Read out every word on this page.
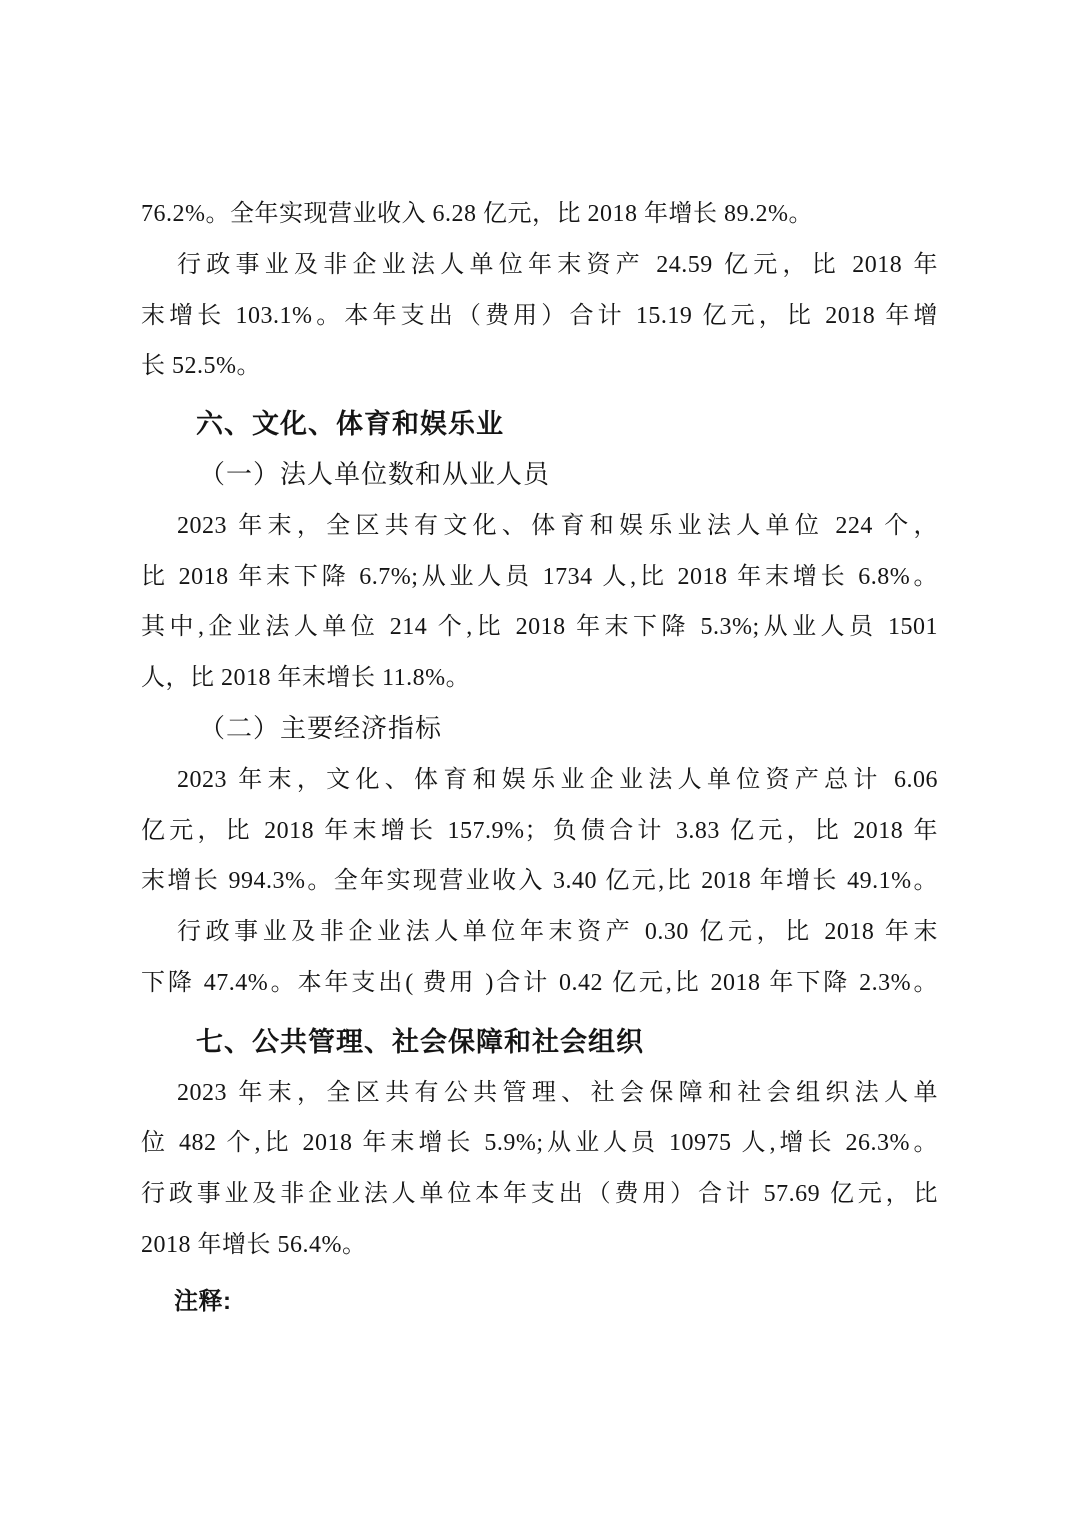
76.2%。全年实现营业收入 6.28 亿元，比 2018 年增长 89.2%。
行政事业及非企业法人单位年末资产 24.59 亿元，比 2018 年
末增长 103.1%。本年支出（费用）合计 15.19 亿元，比 2018 年增
长 52.5%。
六、文化、体育和娱乐业
（一）法人单位数和从业人员
2023 年末，全区共有文化、体育和娱乐业法人单位 224 个，
比 2018 年末下降 6.7%;从业人员 1734 人,比 2018 年末增长 6.8%。
其中,企业法人单位 214 个,比 2018 年末下降 5.3%;从业人员 1501
人，比 2018 年末增长 11.8%。
（二）主要经济指标
2023 年末，文化、体育和娱乐业企业法人单位资产总计 6.06
亿元，比 2018 年末增长 157.9%；负债合计 3.83 亿元，比 2018 年
末增长 994.3%。全年实现营业收入 3.40 亿元,比 2018 年增长 49.1%。
行政事业及非企业法人单位年末资产 0.30 亿元，比 2018 年末
下降 47.4%。本年支出( 费用 )合计 0.42 亿元,比 2018 年下降 2.3%。
七、公共管理、社会保障和社会组织
2023 年末，全区共有公共管理、社会保障和社会组织法人单
位 482 个,比 2018 年末增长 5.9%;从业人员 10975 人,增长 26.3%。
行政事业及非企业法人单位本年支出（费用）合计 57.69 亿元，比
2018 年增长 56.4%。
注释:
